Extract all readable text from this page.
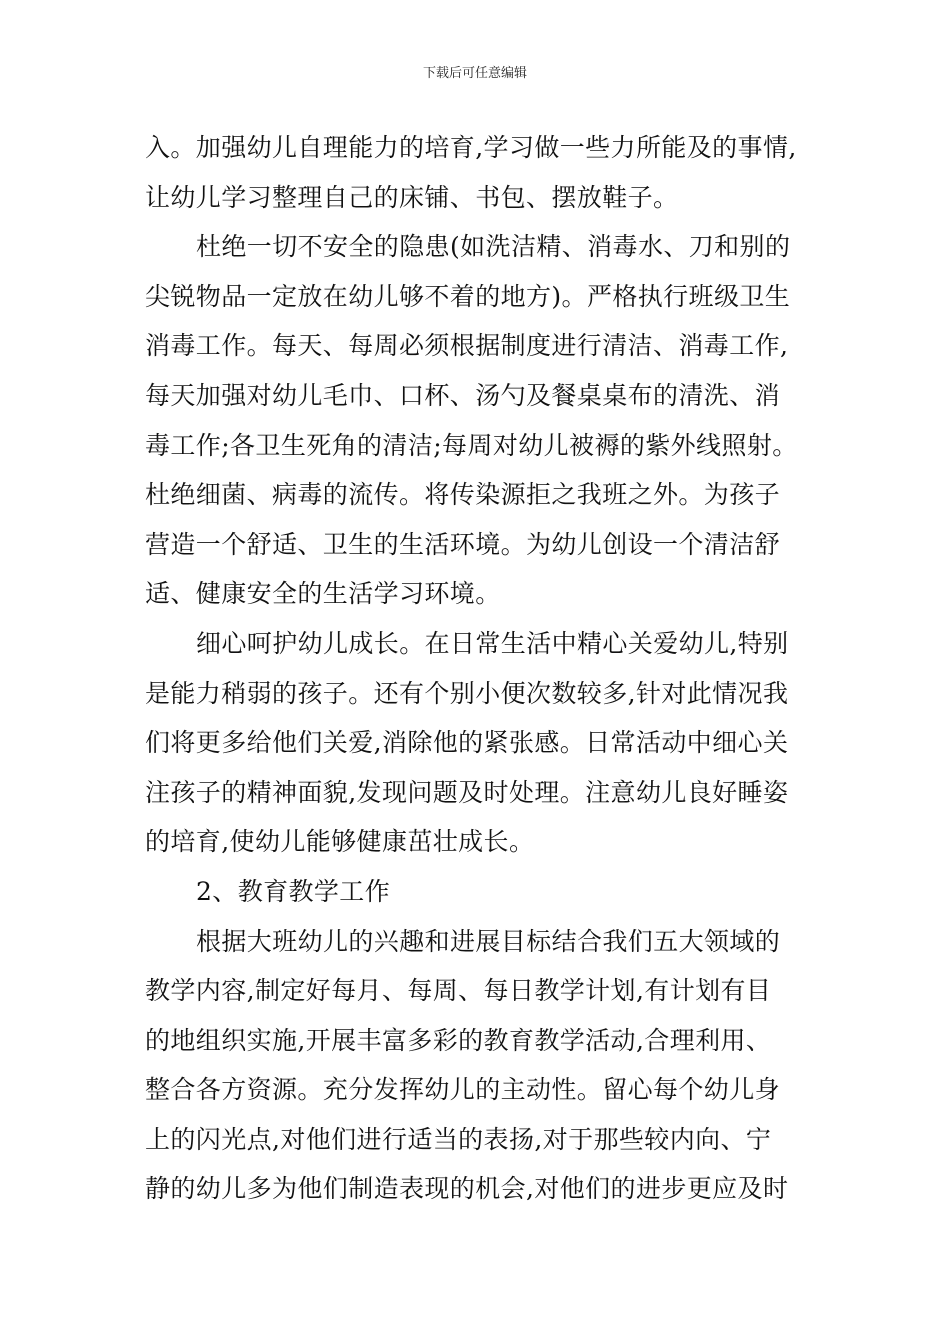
下载后可任意编辑
入。加强幼儿自理能力的培育,学习做一些力所能及的事情,
让幼儿学习整理自己的床铺、书包、摆放鞋子。
杜绝一切不安全的隐患(如洗洁精、消毒水、刀和别的
尖锐物品一定放在幼儿够不着的地方)。严格执行班级卫生
消毒工作。每天、每周必须根据制度进行清洁、消毒工作,
每天加强对幼儿毛巾、口杯、汤勺及餐桌桌布的清洗、消
毒工作;各卫生死角的清洁;每周对幼儿被褥的紫外线照射。
杜绝细菌、病毒的流传。将传染源拒之我班之外。为孩子
营造一个舒适、卫生的生活环境。为幼儿创设一个清洁舒
适、健康安全的生活学习环境。
细心呵护幼儿成长。在日常生活中精心关爱幼儿,特别
是能力稍弱的孩子。还有个别小便次数较多,针对此情况我
们将更多给他们关爱,消除他的紧张感。日常活动中细心关
注孩子的精神面貌,发现问题及时处理。注意幼儿良好睡姿
的培育,使幼儿能够健康茁壮成长。
2、教育教学工作
根据大班幼儿的兴趣和进展目标结合我们五大领域的
教学内容,制定好每月、每周、每日教学计划,有计划有目
的地组织实施,开展丰富多彩的教育教学活动,合理利用、
整合各方资源。充分发挥幼儿的主动性。留心每个幼儿身
上的闪光点,对他们进行适当的表扬,对于那些较内向、宁
静的幼儿多为他们制造表现的机会,对他们的进步更应及时
